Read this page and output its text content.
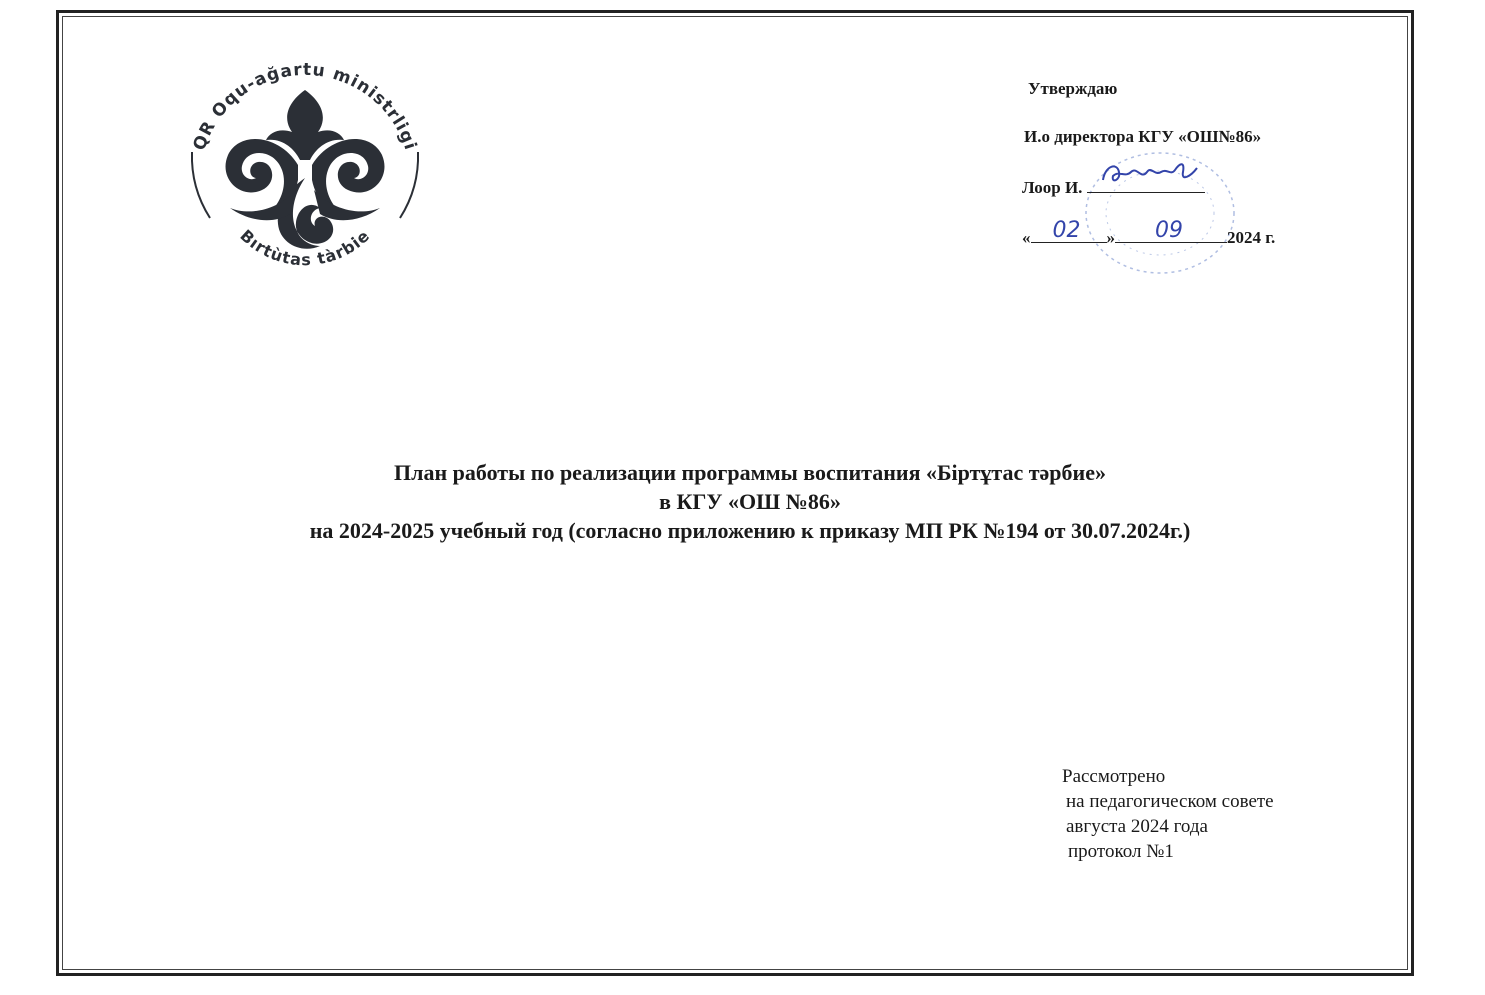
QR Oqu-ağartu ministrligi
Bırtùtas tàrbie
Утверждаю
И.о директора КГУ «ОШ№86»
Лоор И.
« 02 » 09	2024 г.
План работы по реализации программы воспитания «Біртұтас тәрбие»
в КГУ «ОШ №86»
на 2024-2025 учебный год (согласно приложению к приказу МП РК №194 от 30.07.2024г.)
Рассмотрено
на педагогическом совете
августа 2024 года
протокол №1
